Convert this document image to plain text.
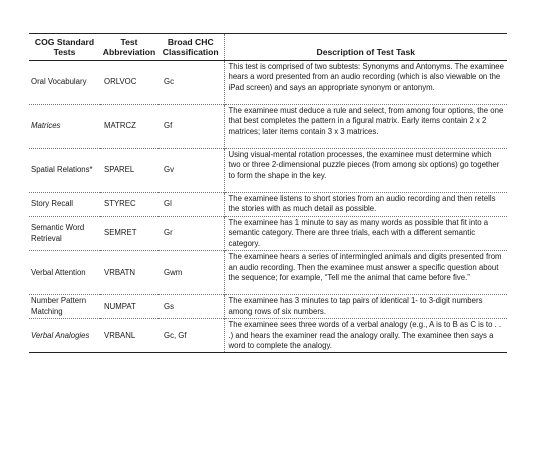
COG Standard Tests	Test Abbreviation	Broad CHC Classification	Description of Test Task
Oral Vocabulary	ORLVOC	Gc	This test is comprised of two subtests: Synonyms and Antonyms. The examinee hears a word presented from an audio recording (which is also viewable on the iPad screen) and says an appropriate synonym or antonym.
Matrices	MATRCZ	Gf	The examinee must deduce a rule and select, from among four options, the one that best completes the pattern in a figural matrix. Early items contain 2 x 2 matrices; later items contain 3 x 3 matrices.
Spatial Relations*	SPAREL	Gv	Using visual-mental rotation processes, the examinee must determine which two or three 2-dimensional puzzle pieces (from among six options) go together to form the shape in the key.
Story Recall	STYREC	Gl	The examinee listens to short stories from an audio recording and then retells the stories with as much detail as possible.
Semantic Word Retrieval	SEMRET	Gr	The examinee has 1 minute to say as many words as possible that fit into a semantic category. There are three trials, each with a different semantic category.
Verbal Attention	VRBATN	Gwm	The examinee hears a series of intermingled animals and digits presented from an audio recording. Then the examinee must answer a specific question about the sequence; for example, “Tell me the animal that came before five.”
Number Pattern Matching	NUMPAT	Gs	The examinee has 3 minutes to tap pairs of identical 1- to 3-digit numbers among rows of six numbers.
Verbal Analogies	VRBANL	Gc, Gf	The examinee sees three words of a verbal analogy (e.g., A is to B as C is to . . .) and hears the examiner read the analogy orally. The examinee then says a word to complete the analogy.
